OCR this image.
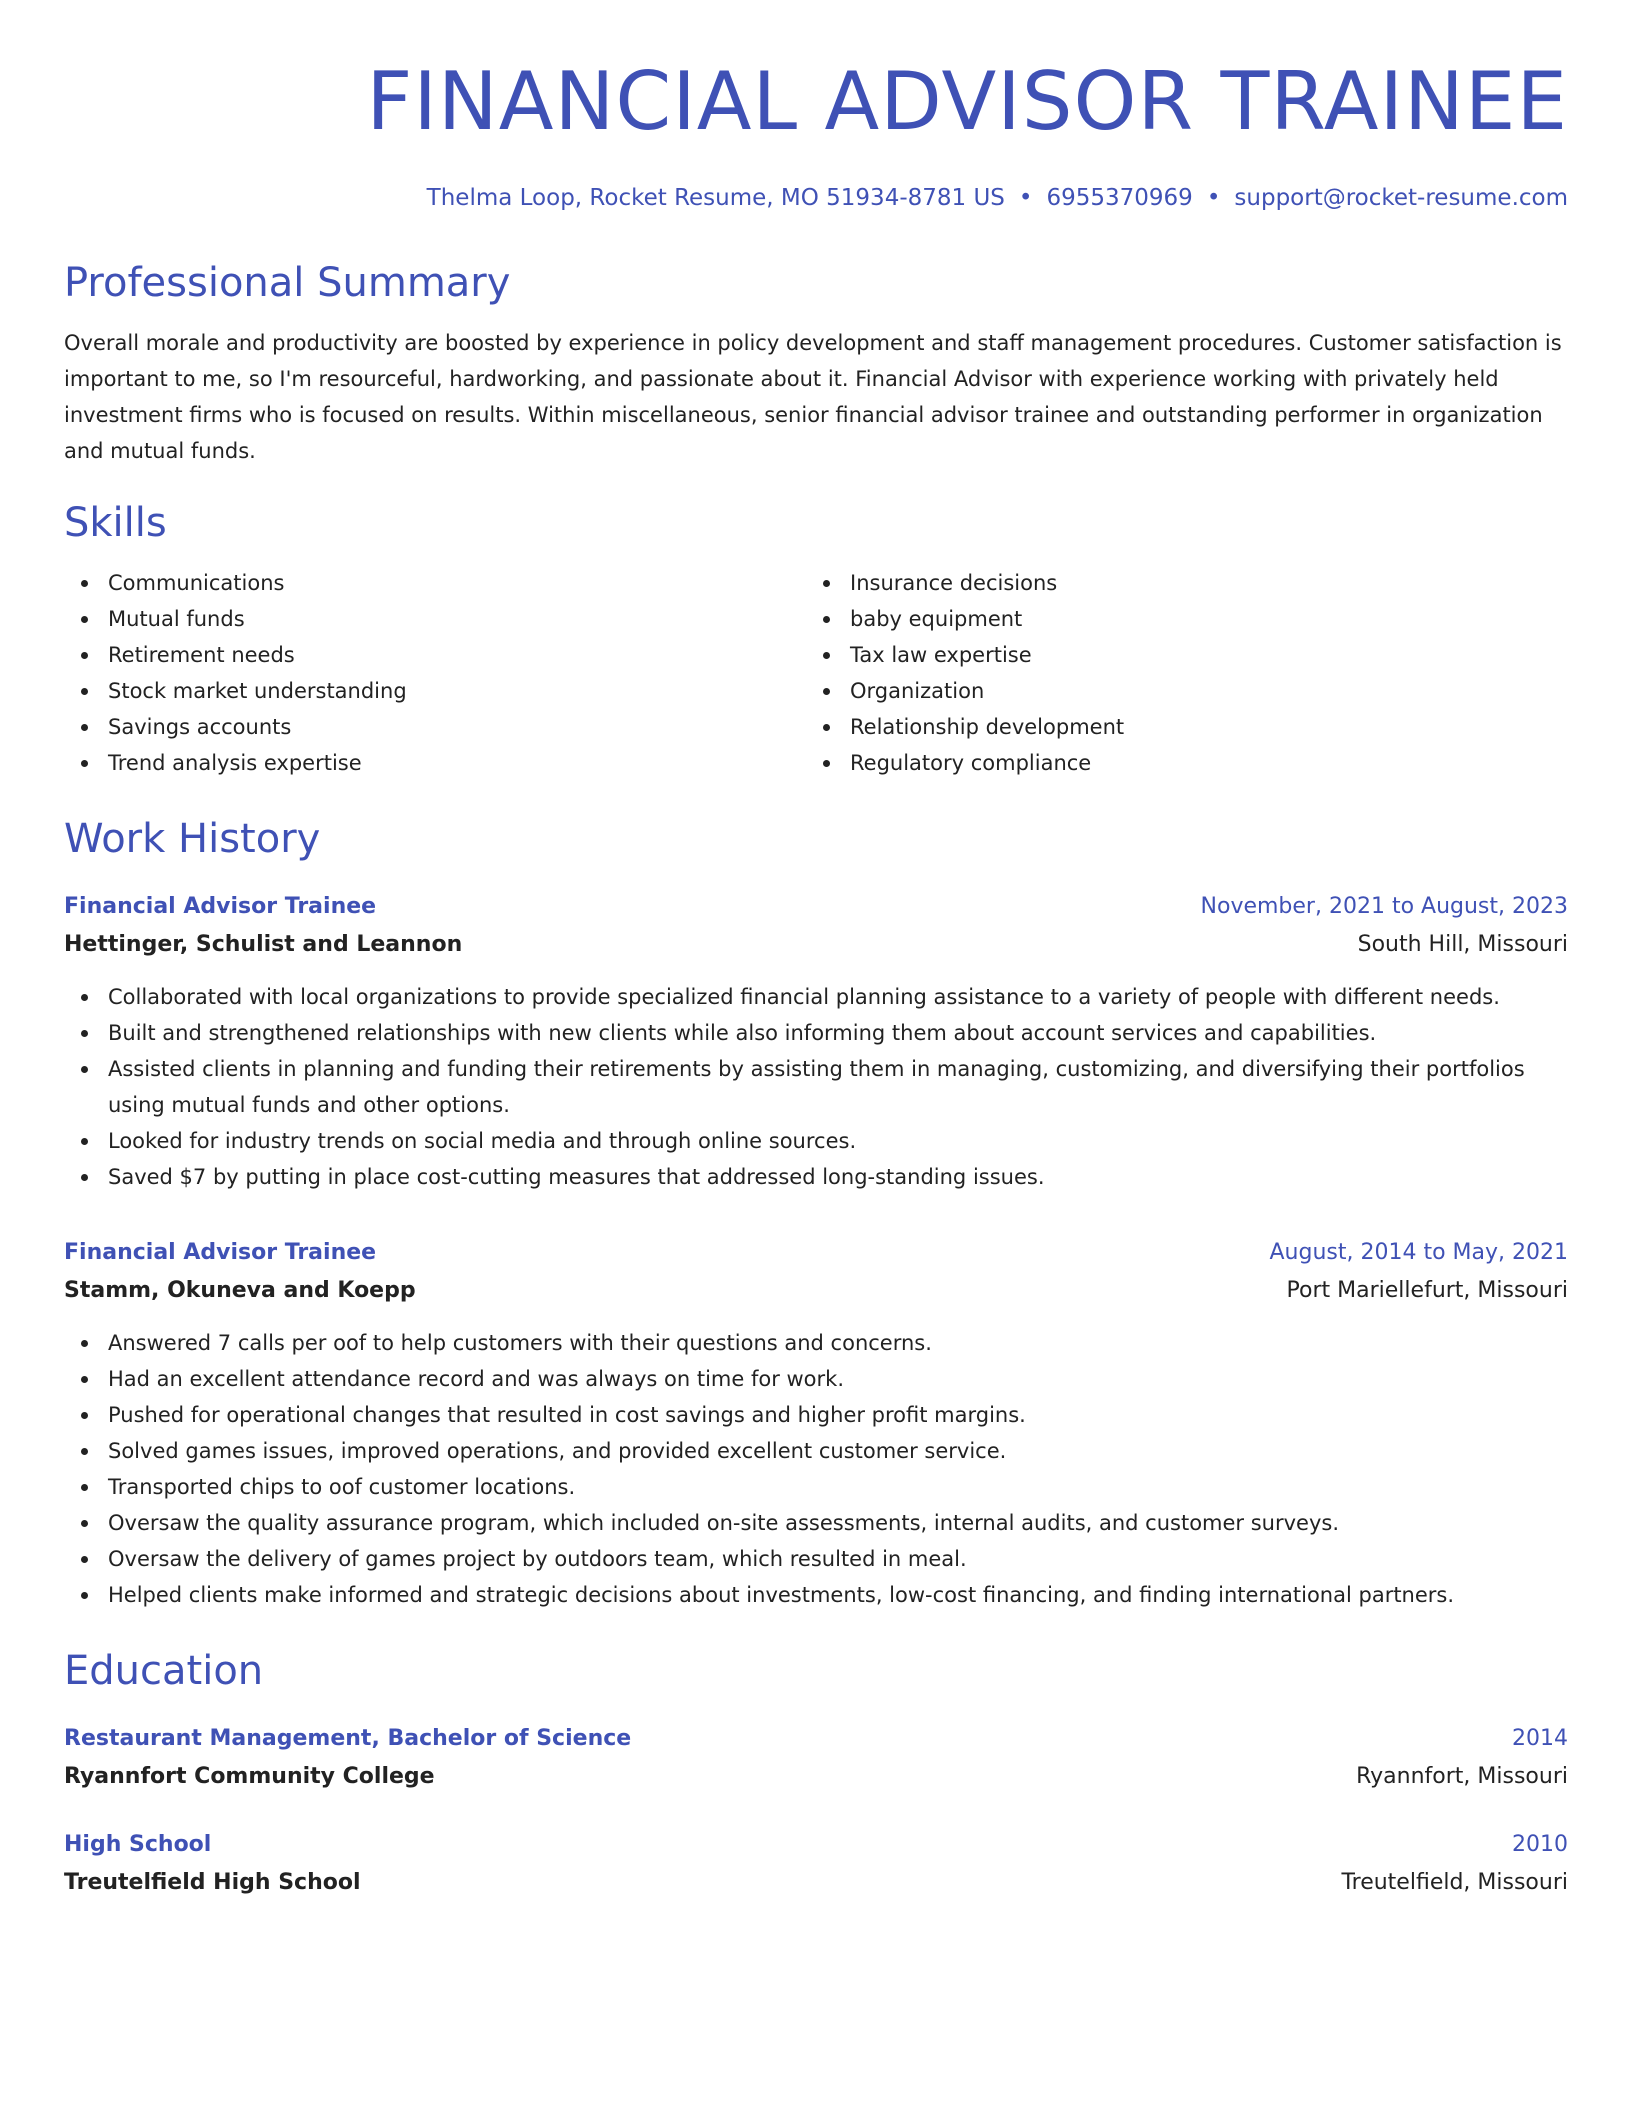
FINANCIAL ADVISOR TRAINEE
Thelma Loop, Rocket Resume, MO 51934-8781 US • 6955370969 • support@rocket-resume.com
Professional Summary

Overall morale and productivity are boosted by experience in policy development and staff management procedures. Customer satisfaction is important to me, so I'm resourceful, hardworking, and passionate about it. Financial Advisor with experience working with privately held investment firms who is focused on results. Within miscellaneous, senior financial advisor trainee and outstanding performer in organization and mutual funds.

Skills
Communications
Mutual funds
Retirement needs
Stock market understanding
Savings accounts
Trend analysis expertise
Insurance decisions
baby equipment
Tax law expertise
Organization
Relationship development
Regulatory compliance
Work History
Financial Advisor Trainee	November, 2021 to August, 2023
Hettinger, Schulist and Leannon	South Hill, Missouri
Collaborated with local organizations to provide specialized financial planning assistance to a variety of people with different needs.
Built and strengthened relationships with new clients while also informing them about account services and capabilities.
Assisted clients in planning and funding their retirements by assisting them in managing, customizing, and diversifying their portfolios using mutual funds and other options.
Looked for industry trends on social media and through online sources.
Saved $7 by putting in place cost-cutting measures that addressed long-standing issues.
Financial Advisor Trainee	August, 2014 to May, 2021
Stamm, Okuneva and Koepp	Port Mariellefurt, Missouri
Answered 7 calls per oof to help customers with their questions and concerns.
Had an excellent attendance record and was always on time for work.
Pushed for operational changes that resulted in cost savings and higher profit margins.
Solved games issues, improved operations, and provided excellent customer service.
Transported chips to oof customer locations.
Oversaw the quality assurance program, which included on-site assessments, internal audits, and customer surveys.
Oversaw the delivery of games project by outdoors team, which resulted in meal.
Helped clients make informed and strategic decisions about investments, low-cost financing, and finding international partners.
Education
Restaurant Management, Bachelor of Science	2014
Ryannfort Community College	Ryannfort, Missouri
High School	2010
Treutelfield High School	Treutelfield, Missouri
